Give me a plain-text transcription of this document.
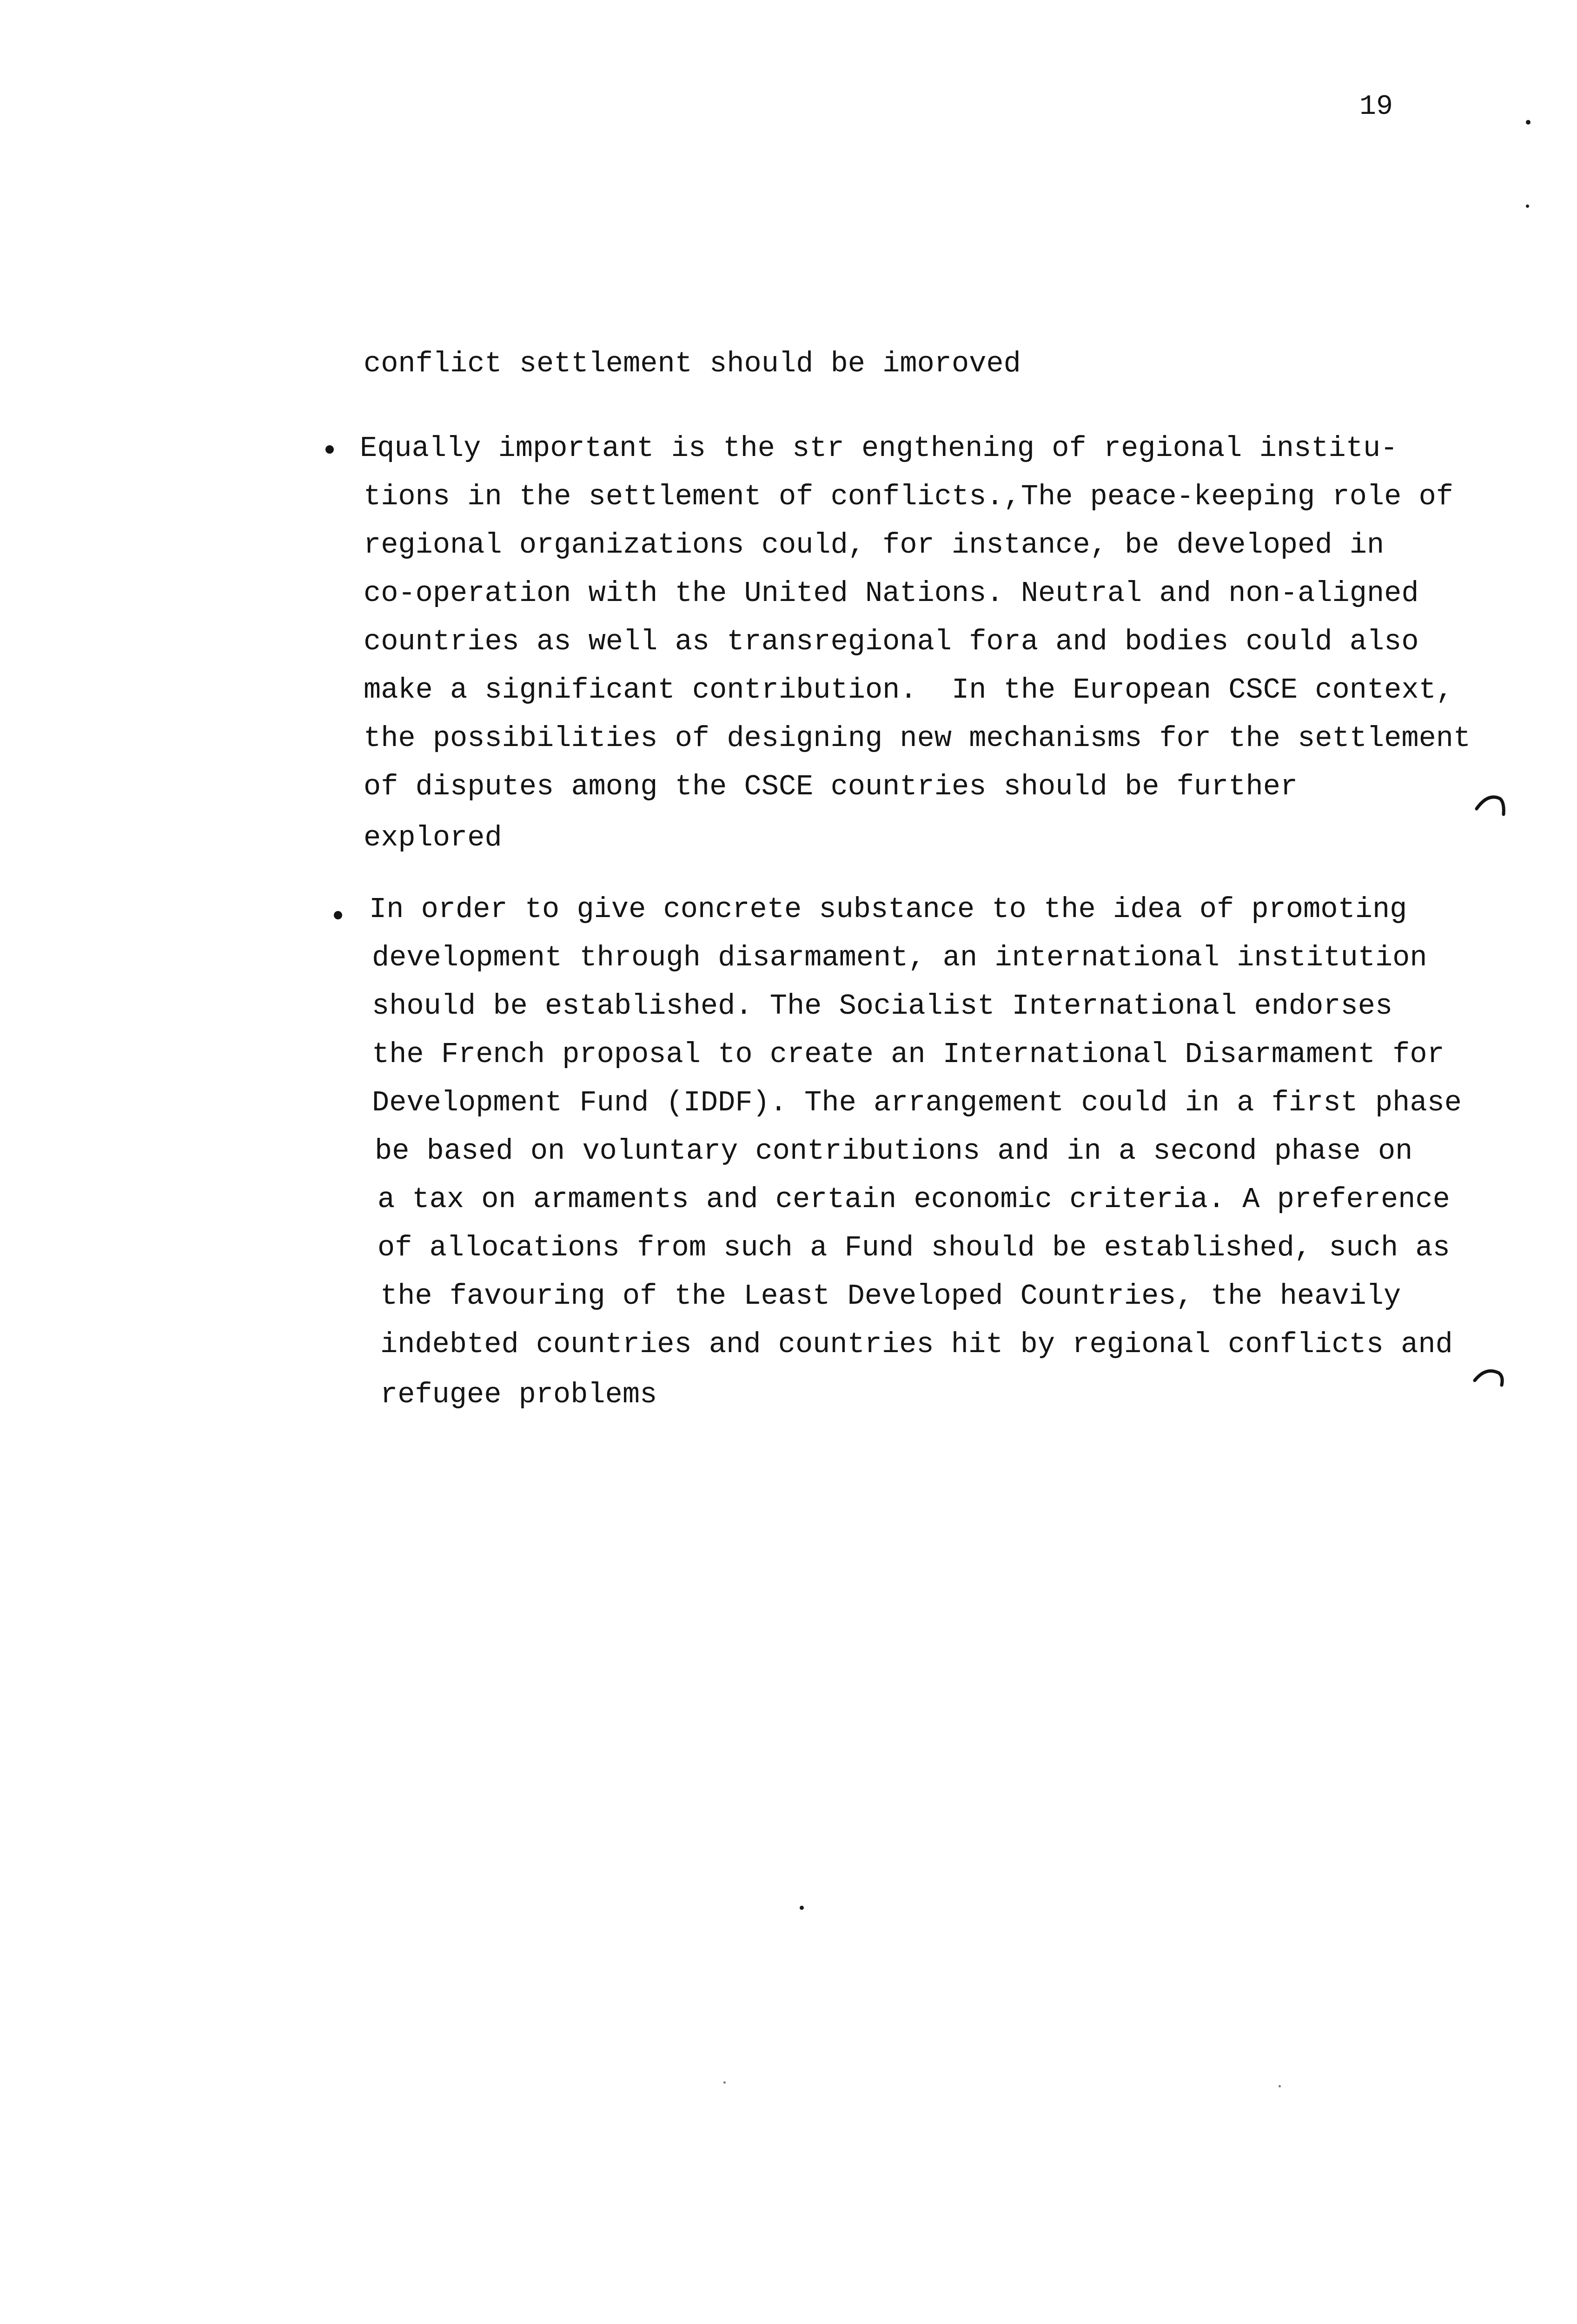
19
conflict settlement should be imoroved
Equally important is the str engthening of regional institu-
tions in the settlement of conflicts.,The peace-keeping role of
regional organizations could, for instance, be developed in
co-operation with the United Nations. Neutral and non-aligned
countries as well as transregional fora and bodies could also
make a significant contribution.  In the European CSCE context,
the possibilities of designing new mechanisms for the settlement
of disputes among the CSCE countries should be further
explored
In order to give concrete substance to the idea of promoting
development through disarmament, an international institution
should be established. The Socialist International endorses
the French proposal to create an International Disarmament for
Development Fund (IDDF). The arrangement could in a first phase
be based on voluntary contributions and in a second phase on
a tax on armaments and certain economic criteria. A preference
of allocations from such a Fund should be established, such as
the favouring of the Least Developed Countries, the heavily
indebted countries and countries hit by regional conflicts and
refugee problems
